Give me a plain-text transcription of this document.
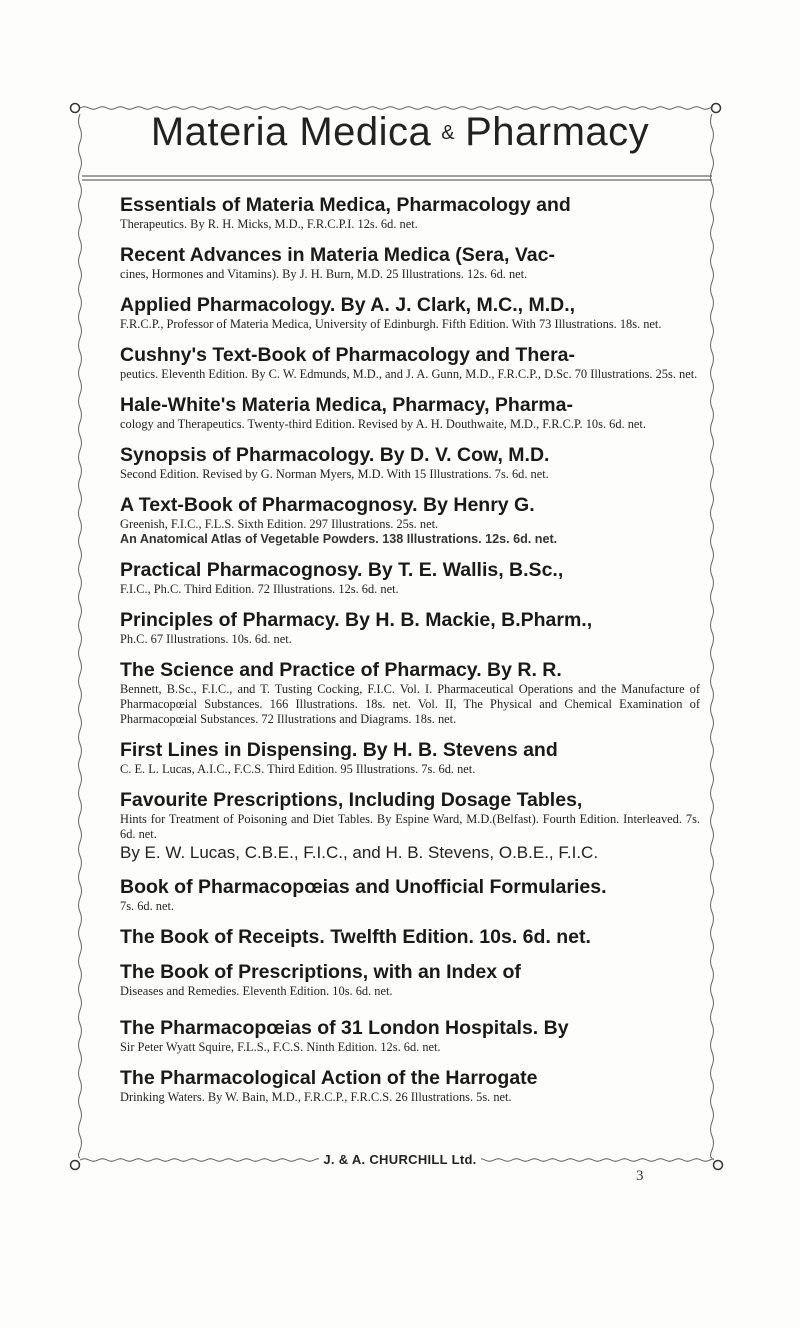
Materia Medica & Pharmacy
Essentials of Materia Medica, Pharmacology and
Therapeutics. By R. H. Micks, M.D., F.R.C.P.I. 12s. 6d. net.
Recent Advances in Materia Medica (Sera, Vac-
cines, Hormones and Vitamins). By J. H. Burn, M.D. 25 Illustrations. 12s. 6d. net.
Applied Pharmacology. By A. J. Clark, M.C., M.D.,
F.R.C.P., Professor of Materia Medica, University of Edinburgh. Fifth Edition. With 73 Illustrations. 18s. net.
Cushny's Text-Book of Pharmacology and Thera-
peutics. Eleventh Edition. By C. W. Edmunds, M.D., and J. A. Gunn, M.D., F.R.C.P., D.Sc. 70 Illustrations. 25s. net.
Hale-White's Materia Medica, Pharmacy, Pharma-
cology and Therapeutics. Twenty-third Edition. Revised by A. H. Douthwaite, M.D., F.R.C.P. 10s. 6d. net.
Synopsis of Pharmacology. By D. V. Cow, M.D.
Second Edition. Revised by G. Norman Myers, M.D. With 15 Illustrations. 7s. 6d. net.
A Text-Book of Pharmacognosy. By Henry G.
Greenish, F.I.C., F.L.S. Sixth Edition. 297 Illustrations. 25s. net.
An Anatomical Atlas of Vegetable Powders. 138 Illustrations. 12s. 6d. net.
Practical Pharmacognosy. By T. E. Wallis, B.Sc.,
F.I.C., Ph.C. Third Edition. 72 Illustrations. 12s. 6d. net.
Principles of Pharmacy. By H. B. Mackie, B.Pharm.,
Ph.C. 67 Illustrations. 10s. 6d. net.
The Science and Practice of Pharmacy. By R. R.
Bennett, B.Sc., F.I.C., and T. Tusting Cocking, F.I.C. Vol. I. Pharmaceutical Operations and the Manufacture of Pharmacopœial Substances. 166 Illustrations. 18s. net. Vol. II, The Physical and Chemical Examination of Pharmacopœial Substances. 72 Illustrations and Diagrams. 18s. net.
First Lines in Dispensing. By H. B. Stevens and
C. E. L. Lucas, A.I.C., F.C.S. Third Edition. 95 Illustrations. 7s. 6d. net.
Favourite Prescriptions, Including Dosage Tables,
Hints for Treatment of Poisoning and Diet Tables. By Espine Ward, M.D.(Belfast). Fourth Edition. Interleaved. 7s. 6d. net.
By E. W. Lucas, C.B.E., F.I.C., and H. B. Stevens, O.B.E., F.I.C.
Book of Pharmacopœias and Unofficial Formularies.
7s. 6d. net.
The Book of Receipts. Twelfth Edition. 10s. 6d. net.
The Book of Prescriptions, with an Index of
Diseases and Remedies. Eleventh Edition. 10s. 6d. net.
The Pharmacopœias of 31 London Hospitals. By
Sir Peter Wyatt Squire, F.L.S., F.C.S. Ninth Edition. 12s. 6d. net.
The Pharmacological Action of the Harrogate
Drinking Waters. By W. Bain, M.D., F.R.C.P., F.R.C.S. 26 Illustrations. 5s. net.
J. & A. CHURCHILL Ltd.
3
